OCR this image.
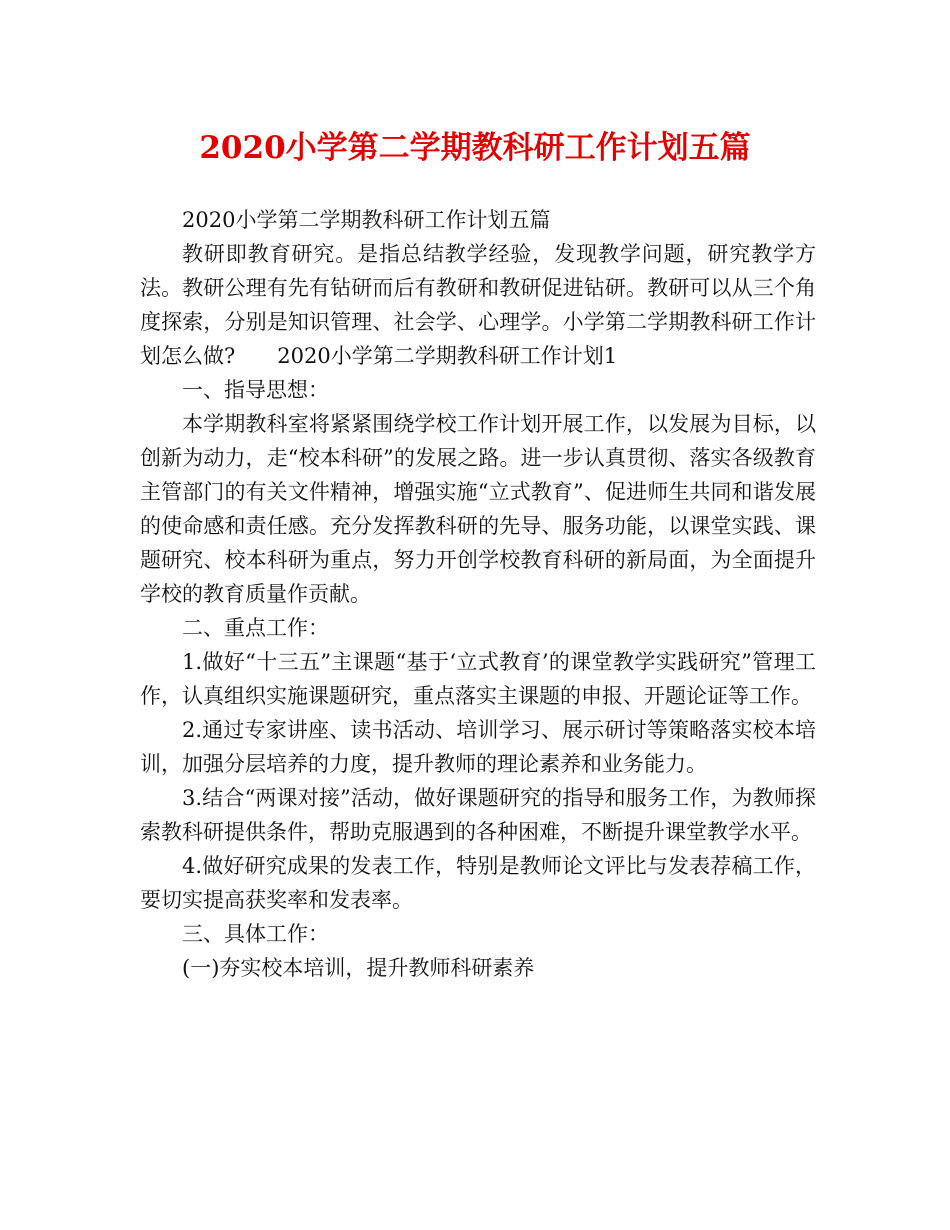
2020小学第二学期教科研工作计划五篇

2020小学第二学期教科研工作计划五篇

教研即教育研究。是指总结教学经验，发现教学问题，研究教学方法。教研公理有先有钻研而后有教研和教研促进钻研。教研可以从三个角度探索，分别是知识管理、社会学、心理学。小学第二学期教科研工作计划怎么做?　　2020小学第二学期教科研工作计划1

一、指导思想：

本学期教科室将紧紧围绕学校工作计划开展工作，以发展为目标，以创新为动力，走“校本科研”的发展之路。进一步认真贯彻、落实各级教育主管部门的有关文件精神，增强实施“立式教育”、促进师生共同和谐发展的使命感和责任感。充分发挥教科研的先导、服务功能，以课堂实践、课题研究、校本科研为重点，努力开创学校教育科研的新局面，为全面提升学校的教育质量作贡献。

二、重点工作：

1.做好“十三五”主课题“基于‘立式教育’的课堂教学实践研究”管理工作，认真组织实施课题研究，重点落实主课题的申报、开题论证等工作。

2.通过专家讲座、读书活动、培训学习、展示研讨等策略落实校本培训，加强分层培养的力度，提升教师的理论素养和业务能力。

3.结合“两课对接”活动，做好课题研究的指导和服务工作，为教师探索教科研提供条件，帮助克服遇到的各种困难，不断提升课堂教学水平。

4.做好研究成果的发表工作，特别是教师论文评比与发表荐稿工作，要切实提高获奖率和发表率。

三、具体工作：

(一)夯实校本培训，提升教师科研素养
